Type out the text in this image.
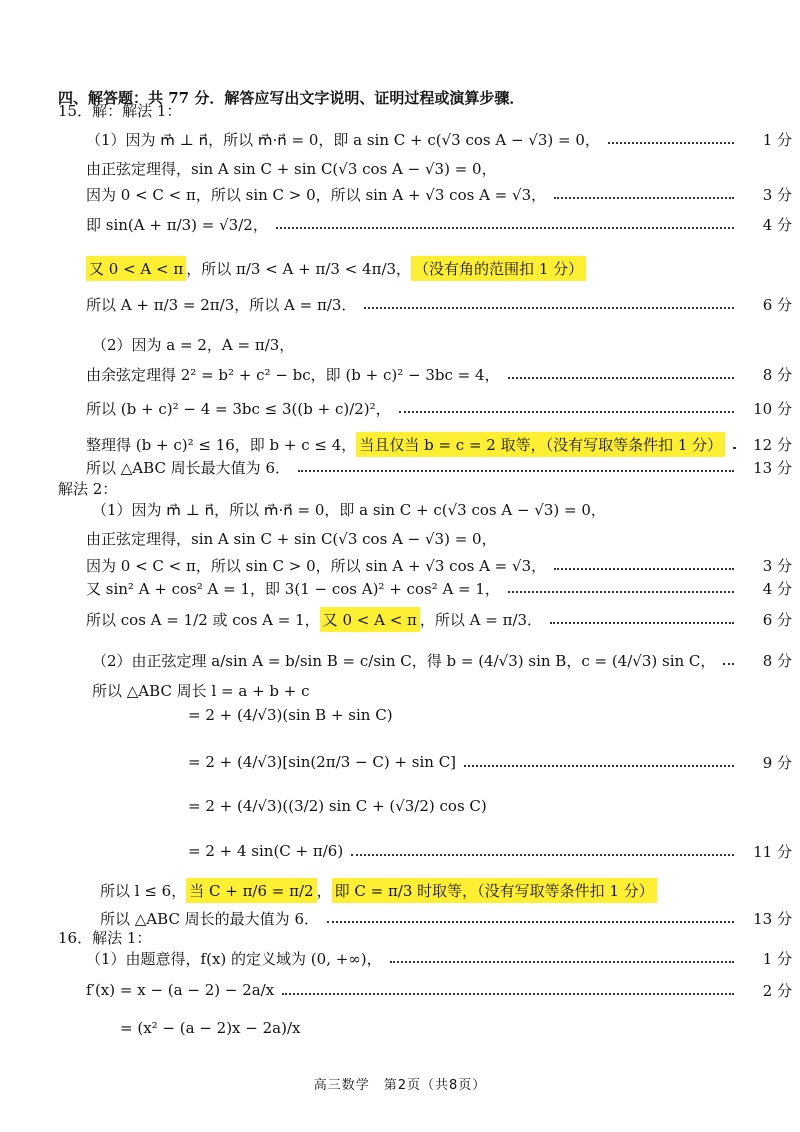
四、解答题：共 77 分．解答应写出文字说明、证明过程或演算步骤．
15．解：解法 1：
（1）因为 m⃗ ⊥ n⃗，所以 m⃗·n⃗ = 0，即 a sin C + c(√3 cos A − √3) = 0，	1 分
由正弦定理得，sin A sin C + sin C(√3 cos A − √3) = 0，
因为 0 < C < π，所以 sin C > 0，所以 sin A + √3 cos A = √3，	3 分
即 sin(A + π/3) = √3/2，	4 分
又 0 < A < π ，所以 π/3 < A + π/3 < 4π/3， （没有角的范围扣 1 分）
所以 A + π/3 = 2π/3，所以 A = π/3．	6 分
（2）因为 a = 2，A = π/3，
由余弦定理得 2² = b² + c² − bc，即 (b + c)² − 3bc = 4，	8 分
所以 (b + c)² − 4 = 3bc ≤ 3((b + c)/2)²，	10 分
整理得 (b + c)² ≤ 16，即 b + c ≤ 4， 当且仅当 b = c = 2 取等，（没有写取等条件扣 1 分）	12 分
所以 △ABC 周长最大值为 6．	13 分
解法 2：
（1）因为 m⃗ ⊥ n⃗，所以 m⃗·n⃗ = 0，即 a sin C + c(√3 cos A − √3) = 0，
由正弦定理得，sin A sin C + sin C(√3 cos A − √3) = 0，
因为 0 < C < π，所以 sin C > 0，所以 sin A + √3 cos A = √3，	3 分
又 sin² A + cos² A = 1，即 3(1 − cos A)² + cos² A = 1，	4 分
所以 cos A = 1/2 或 cos A = 1， 又 0 < A < π ，所以 A = π/3．	6 分
（2）由正弦定理 a/sin A = b/sin B = c/sin C，得 b = (4/√3) sin B，c = (4/√3) sin C，	8 分
所以 △ABC 周长 l = a + b + c
= 2 + (4/√3)(sin B + sin C)
= 2 + (4/√3)[sin(2π/3 − C) + sin C]	9 分
= 2 + (4/√3)((3/2) sin C + (√3/2) cos C)
= 2 + 4 sin(C + π/6)	11 分
所以 l ≤ 6， 当 C + π/6 = π/2 ， 即 C = π/3 时取等，（没有写取等条件扣 1 分）
所以 △ABC 周长的最大值为 6．	13 分
16．解法 1：
（1）由题意得，f(x) 的定义域为 (0, +∞)，	1 分
f′(x) = x − (a − 2) − 2a/x	2 分
= (x² − (a − 2)x − 2a)/x
高三数学　第2页（共8页）
